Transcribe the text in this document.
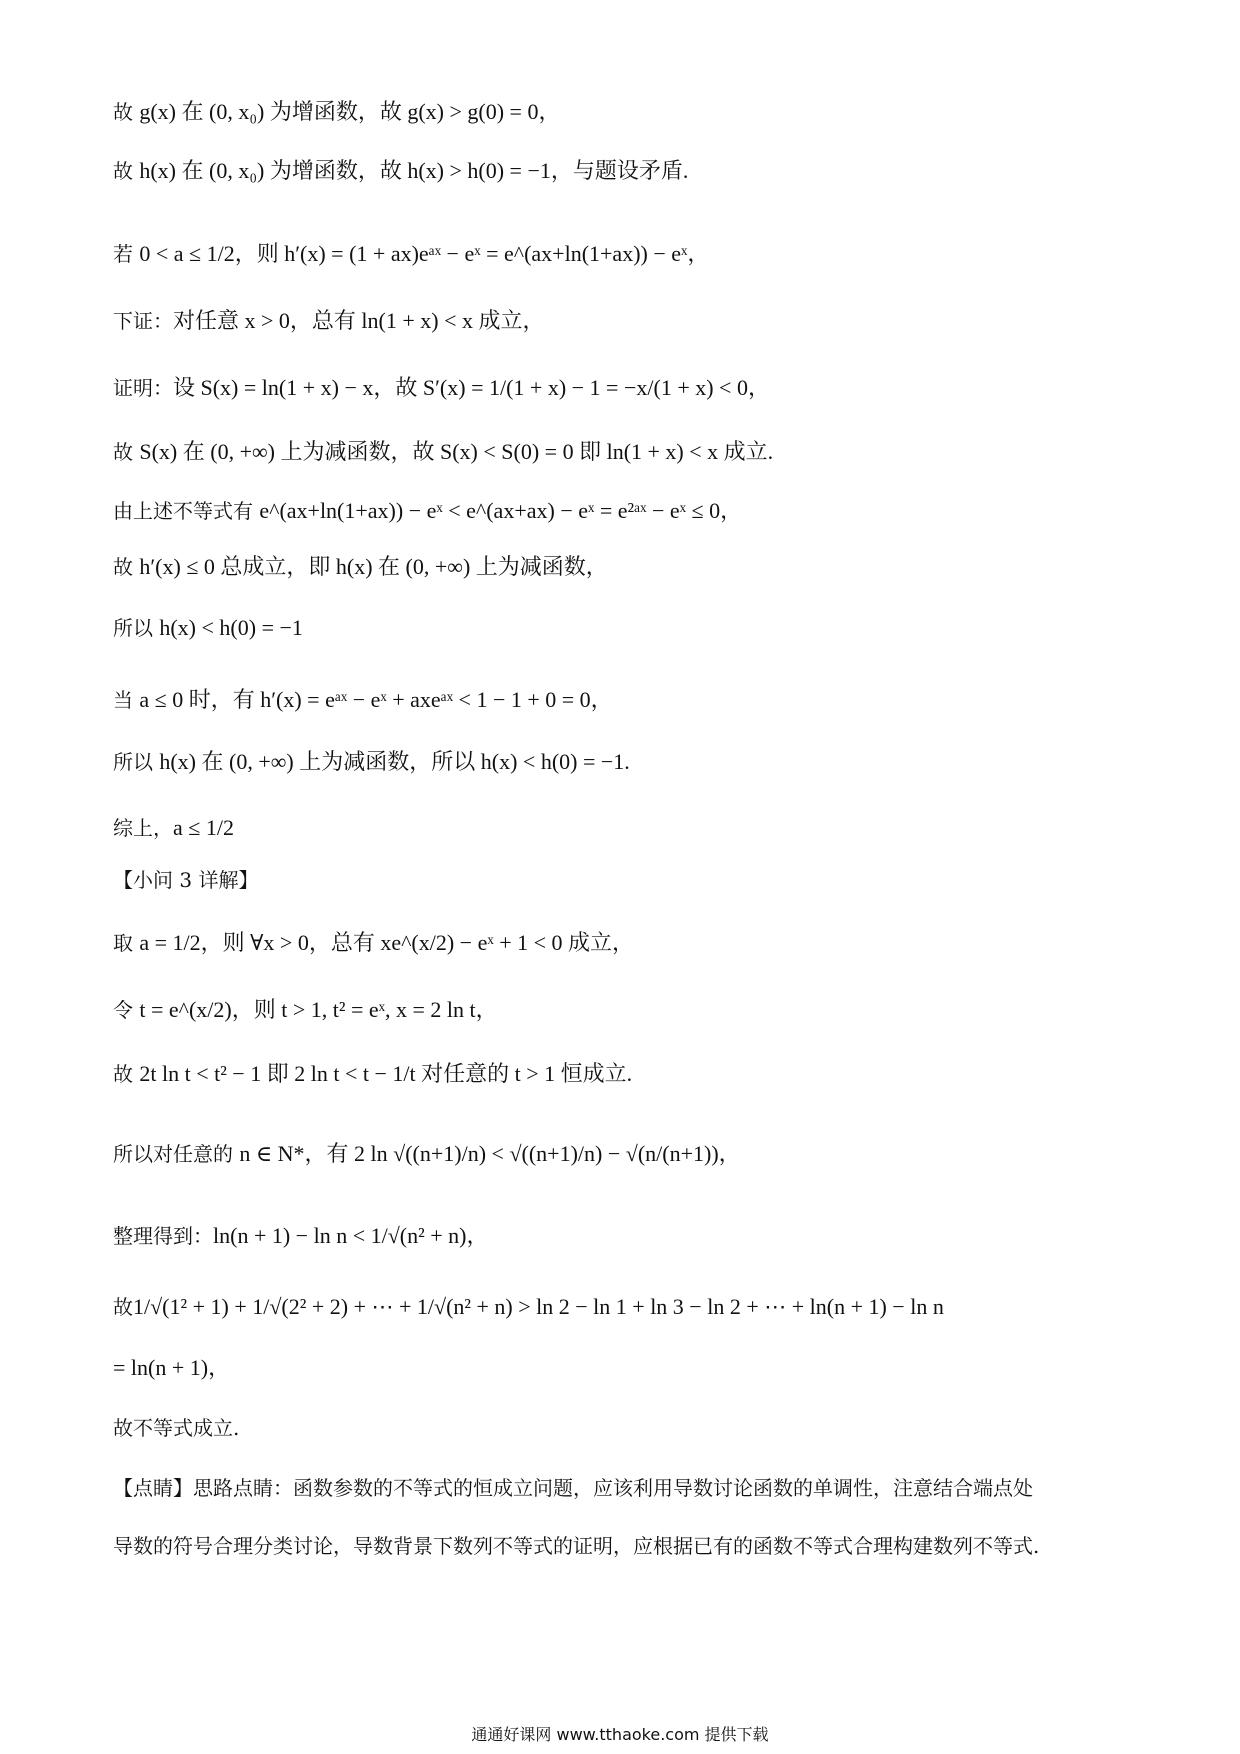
故 g(x) 在 (0, x₀) 为增函数，故 g(x) > g(0) = 0，
故 h(x) 在 (0, x₀) 为增函数，故 h(x) > h(0) = −1，与题设矛盾.
若 0 < a ≤ 1/2，则 h′(x) = (1 + ax)eᵃˣ − eˣ = e^(ax+ln(1+ax)) − eˣ，
下证：对任意 x > 0，总有 ln(1 + x) < x 成立，
证明：设 S(x) = ln(1 + x) − x，故 S′(x) = 1/(1 + x) − 1 = −x/(1 + x) < 0，
故 S(x) 在 (0, +∞) 上为减函数，故 S(x) < S(0) = 0 即 ln(1 + x) < x 成立.
由上述不等式有 e^(ax+ln(1+ax)) − eˣ < e^(ax+ax) − eˣ = e²ᵃˣ − eˣ ≤ 0，
故 h′(x) ≤ 0 总成立，即 h(x) 在 (0, +∞) 上为减函数，
所以 h(x) < h(0) = −1
当 a ≤ 0 时，有 h′(x) = eᵃˣ − eˣ + axeᵃˣ < 1 − 1 + 0 = 0，
所以 h(x) 在 (0, +∞) 上为减函数，所以 h(x) < h(0) = −1.
综上，a ≤ 1/2
【小问 3 详解】
取 a = 1/2，则 ∀x > 0，总有 xe^(x/2) − eˣ + 1 < 0 成立，
令 t = e^(x/2)，则 t > 1, t² = eˣ, x = 2 ln t，
故 2t ln t < t² − 1 即 2 ln t < t − 1/t 对任意的 t > 1 恒成立.
所以对任意的 n ∈ N*，有 2 ln √((n+1)/n) < √((n+1)/n) − √(n/(n+1))，
整理得到：ln(n + 1) − ln n < 1/√(n² + n)，
故1/√(1² + 1) + 1/√(2² + 2) + ⋯ + 1/√(n² + n) > ln 2 − ln 1 + ln 3 − ln 2 + ⋯ + ln(n + 1) − ln n
= ln(n + 1)，
故不等式成立.
【点睛】思路点睛：函数参数的不等式的恒成立问题，应该利用导数讨论函数的单调性，注意结合端点处
导数的符号合理分类讨论，导数背景下数列不等式的证明，应根据已有的函数不等式合理构建数列不等式.
通通好课网 www.tthaoke.com 提供下载
